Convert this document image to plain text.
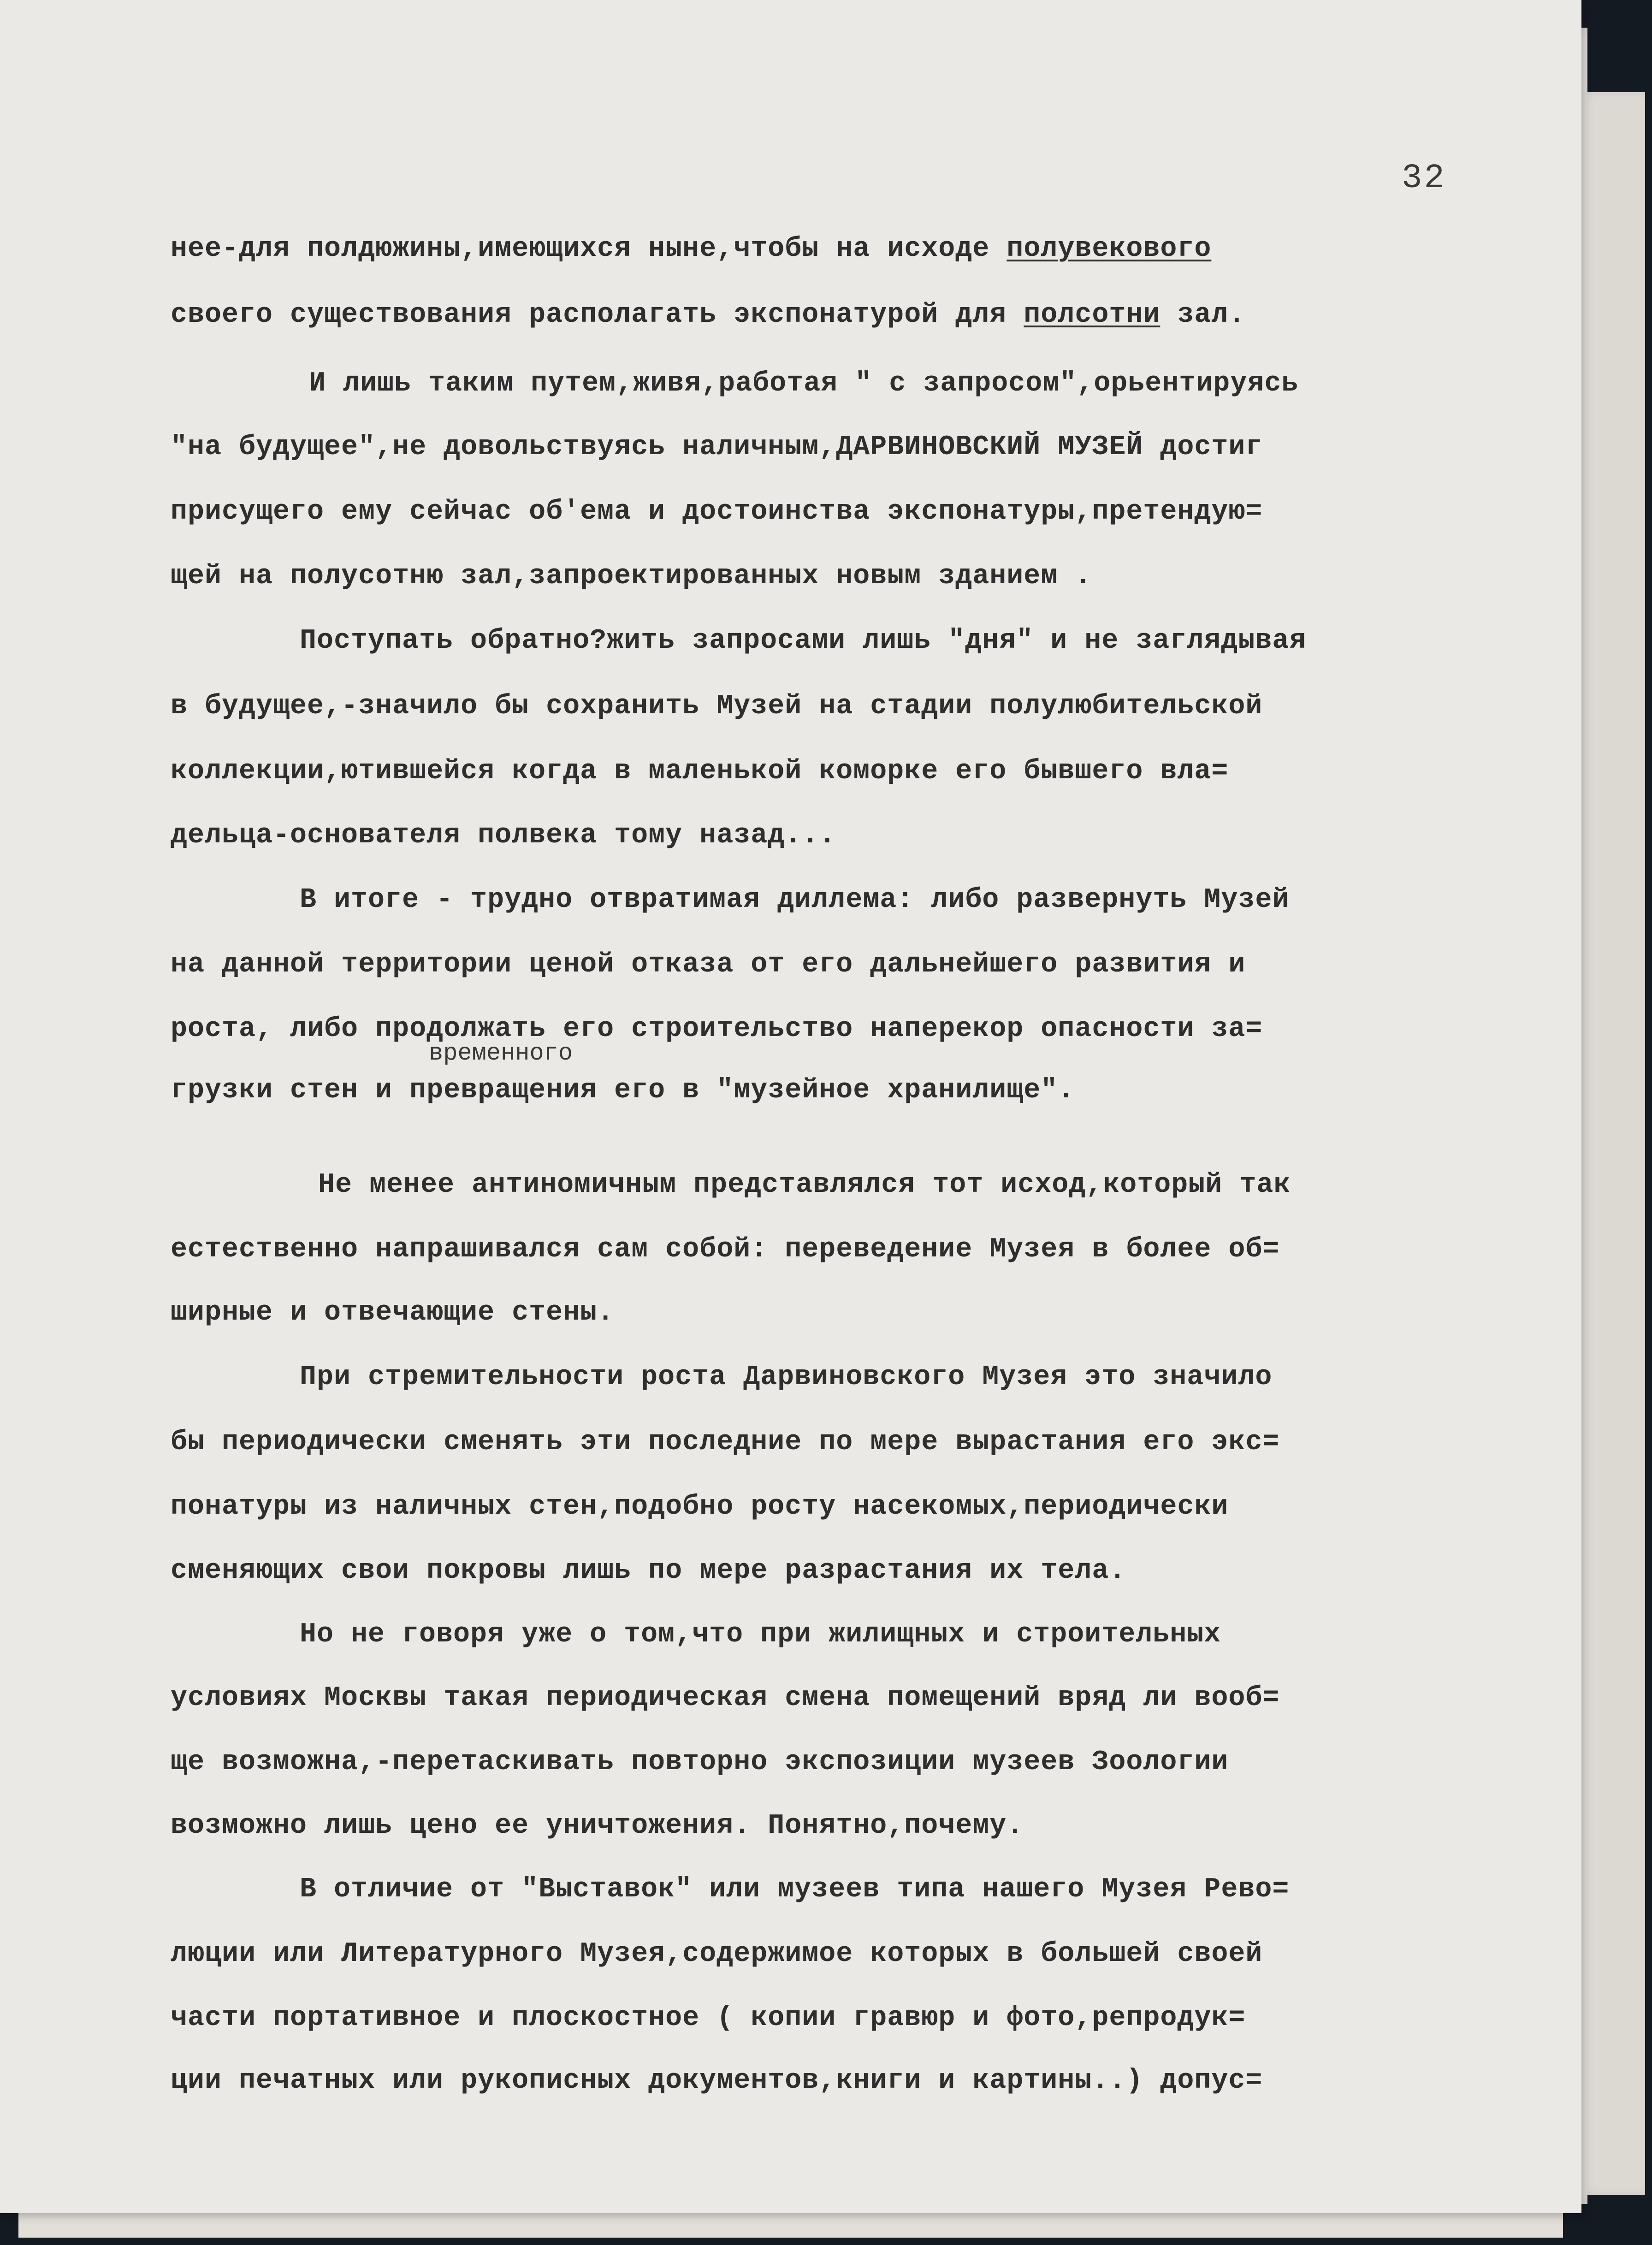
32
нее-для полдюжины,имеющихся ныне,чтобы на исходе полувекового
своего существования располагать экспонатурой для полсотни зал.
И лишь таким путем,живя,работая " с запросом",орьентируясь
"на будущее",не довольствуясь наличным,ДАРВИНОВСКИЙ МУЗЕЙ достиг
присущего ему сейчас об'ема и достоинства экспонатуры,претендую=
щей на полусотню зал,запроектированных новым зданием .
Поступать обратно?жить запросами лишь "дня" и не заглядывая
в будущее,-значило бы сохранить Музей на стадии полулюбительской
коллекции,ютившейся когда в маленькой коморке его бывшего вла=
дельца-основателя полвека тому назад...
В итоге - трудно отвратимая диллема: либо развернуть Музей
на данной территории ценой отказа от его дальнейшего развития и
роста, либо продолжать его строительство наперекор опасности за=
временного
грузки стен и превращения его в "музейное хранилище".
Не менее антиномичным представлялся тот исход,который так
естественно напрашивался сам собой: переведение Музея в более об=
ширные и отвечающие стены.
При стремительности роста Дарвиновского Музея это значило
бы периодически сменять эти последние по мере вырастания его экс=
понатуры из наличных стен,подобно росту насекомых,периодически
сменяющих свои покровы лишь по мере разрастания их тела.
Но не говоря уже о том,что при жилищных и строительных
условиях Москвы такая периодическая смена помещений вряд ли вооб=
ще возможна,-перетаскивать повторно экспозиции музеев Зоологии
возможно лишь цено ее уничтожения. Понятно,почему.
В отличие от "Выставок" или музеев типа нашего Музея Рево=
люции или Литературного Музея,содержимое которых в большей своей
части портативное и плоскостное ( копии гравюр и фото,репродук=
ции печатных или рукописных документов,книги и картины..) допус=
